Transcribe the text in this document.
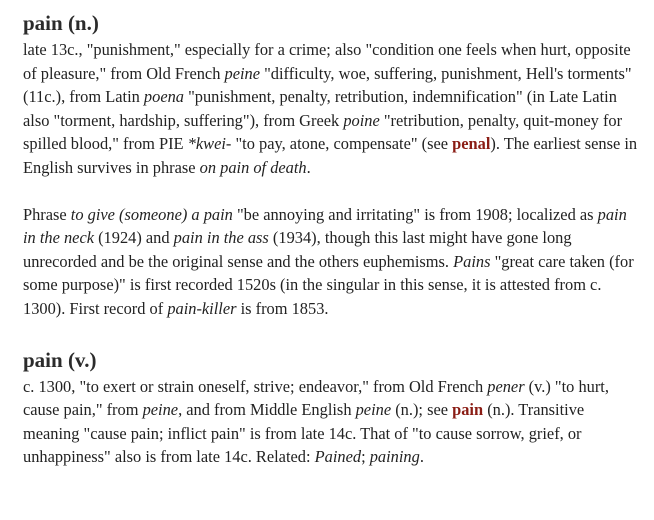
pain (n.)

late 13c., "punishment," especially for a crime; also "condition one feels when hurt, opposite of pleasure," from Old French peine "difficulty, woe, suffering, punishment, Hell's torments" (11c.), from Latin poena "punishment, penalty, retribution, indemnification" (in Late Latin also "torment, hardship, suffering"), from Greek poine "retribution, penalty, quit-money for spilled blood," from PIE *kwei- "to pay, atone, compensate" (see penal). The earliest sense in English survives in phrase on pain of death.

Phrase to give (someone) a pain "be annoying and irritating" is from 1908; localized as pain in the neck (1924) and pain in the ass (1934), though this last might have gone long unrecorded and be the original sense and the others euphemisms. Pains "great care taken (for some purpose)" is first recorded 1520s (in the singular in this sense, it is attested from c. 1300). First record of pain-killer is from 1853.

pain (v.)

c. 1300, "to exert or strain oneself, strive; endeavor," from Old French pener (v.) "to hurt, cause pain," from peine, and from Middle English peine (n.); see pain (n.). Transitive meaning "cause pain; inflict pain" is from late 14c. That of "to cause sorrow, grief, or unhappiness" also is from late 14c. Related: Pained; paining.
